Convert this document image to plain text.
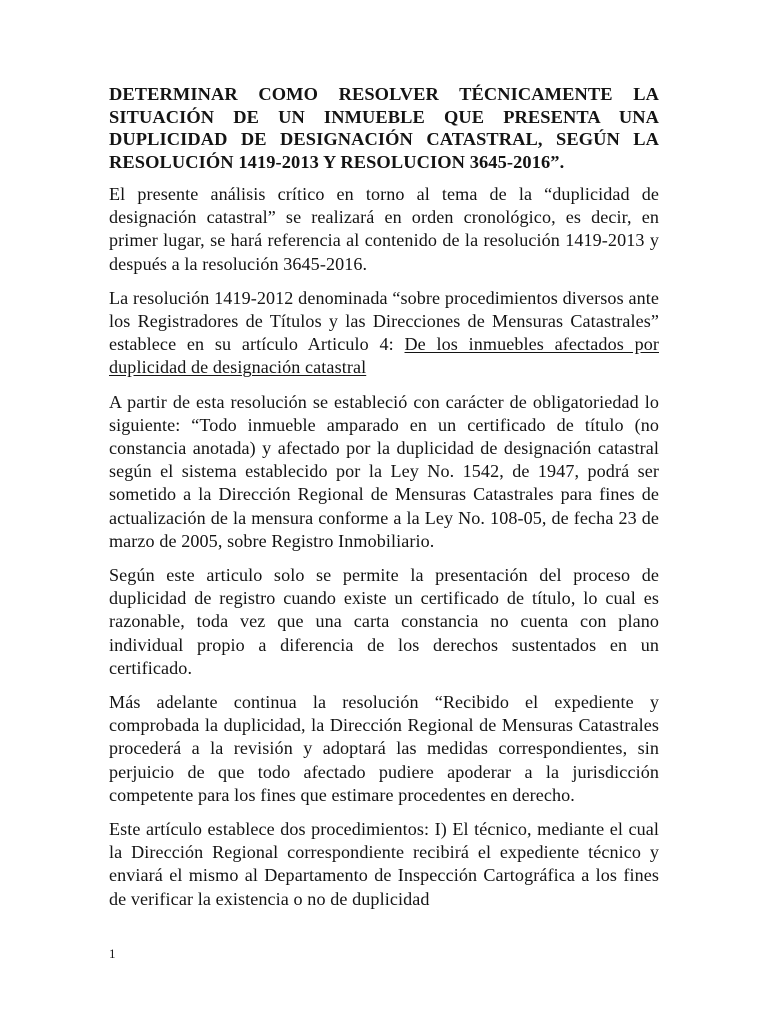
DETERMINAR COMO RESOLVER TÉCNICAMENTE LA SITUACIÓN DE UN INMUEBLE QUE PRESENTA UNA DUPLICIDAD DE DESIGNACIÓN CATASTRAL, SEGÚN LA RESOLUCIÓN 1419-2013 Y RESOLUCION 3645-2016”.

El presente análisis crítico en torno al tema de la “duplicidad de designación catastral” se realizará en orden cronológico, es decir, en primer lugar, se hará referencia al contenido de la resolución 1419-2013 y después a la resolución 3645-2016.

La resolución 1419-2012 denominada “sobre procedimientos diversos ante los Registradores de Títulos y las Direcciones de Mensuras Catastrales” establece en su artículo Articulo 4: De los inmuebles afectados por duplicidad de designación catastral

A partir de esta resolución se estableció con carácter de obligatoriedad lo siguiente: “Todo inmueble amparado en un certificado de título (no constancia anotada) y afectado por la duplicidad de designación catastral según el sistema establecido por la Ley No. 1542, de 1947, podrá ser sometido a la Dirección Regional de Mensuras Catastrales para fines de actualización de la mensura conforme a la Ley No. 108-05, de fecha 23 de marzo de 2005, sobre Registro Inmobiliario.

Según este articulo solo se permite la presentación del proceso de duplicidad de registro cuando existe un certificado de título, lo cual es razonable, toda vez que una carta constancia no cuenta con plano individual propio a diferencia de los derechos sustentados en un certificado.

Más adelante continua la resolución “Recibido el expediente y comprobada la duplicidad, la Dirección Regional de Mensuras Catastrales procederá a la revisión y adoptará las medidas correspondientes, sin perjuicio de que todo afectado pudiere apoderar a la jurisdicción competente para los fines que estimare procedentes en derecho.

Este artículo establece dos procedimientos: I) El técnico, mediante el cual la Dirección Regional correspondiente recibirá el expediente técnico y enviará el mismo al Departamento de Inspección Cartográfica a los fines de verificar la existencia o no de duplicidad

1
